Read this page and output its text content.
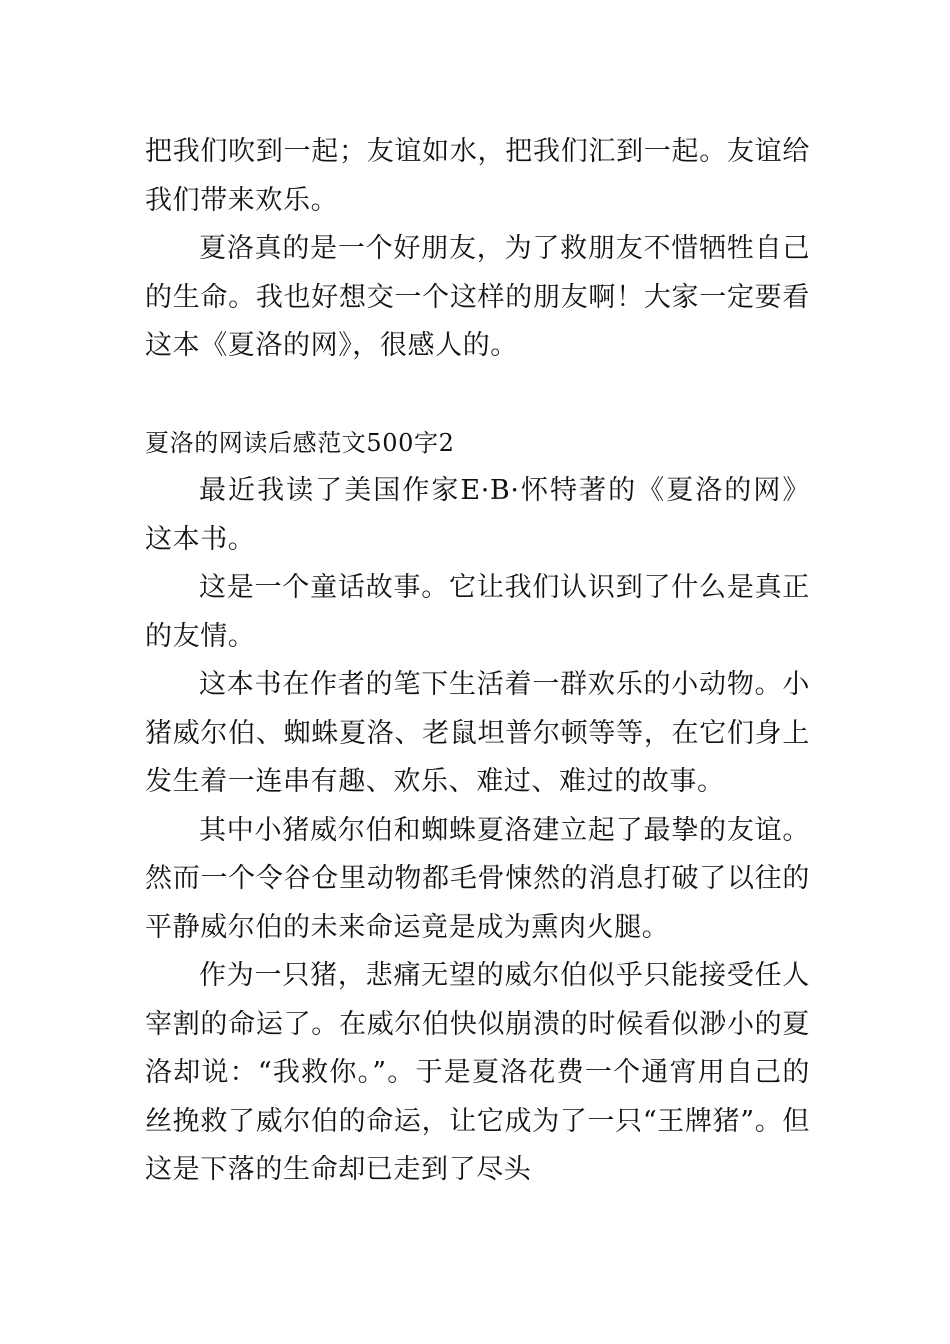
把我们吹到一起；友谊如水，把我们汇到一起。友谊给我们带来欢乐。

夏洛真的是一个好朋友，为了救朋友不惜牺牲自己的生命。我也好想交一个这样的朋友啊！大家一定要看这本《夏洛的网》，很感人的。

夏洛的网读后感范文500字2

最近我读了美国作家E·B·怀特著的《夏洛的网》这本书。

这是一个童话故事。它让我们认识到了什么是真正的友情。

这本书在作者的笔下生活着一群欢乐的小动物。小猪威尔伯、蜘蛛夏洛、老鼠坦普尔顿等等，在它们身上发生着一连串有趣、欢乐、难过、难过的故事。

其中小猪威尔伯和蜘蛛夏洛建立起了最挚的友谊。然而一个令谷仓里动物都毛骨悚然的消息打破了以往的平静威尔伯的未来命运竟是成为熏肉火腿。

作为一只猪，悲痛无望的威尔伯似乎只能接受任人宰割的命运了。在威尔伯快似崩溃的时候看似渺小的夏洛却说：“我救你。”。于是夏洛花费一个通宵用自己的丝挽救了威尔伯的命运，让它成为了一只“王牌猪”。但这是下落的生命却已走到了尽头
